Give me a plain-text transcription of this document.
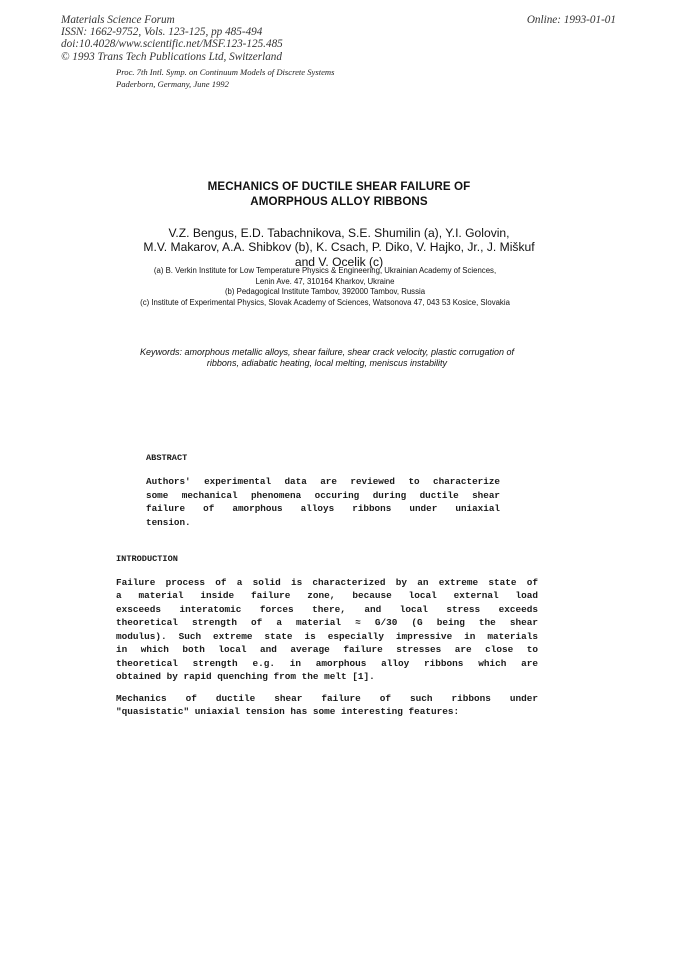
Materials Science Forum
ISSN: 1662-9752, Vols. 123-125, pp 485-494
doi:10.4028/www.scientific.net/MSF.123-125.485
© 1993 Trans Tech Publications Ltd, Switzerland
Online: 1993-01-01
Proc. 7th Intl. Symp. on Continuum Models of Discrete Systems
Paderborn, Germany, June 1992
MECHANICS OF DUCTILE SHEAR FAILURE OF
AMORPHOUS ALLOY RIBBONS
V.Z. Bengus, E.D. Tabachnikova, S.E. Shumilin (a), Y.I. Golovin,
M.V. Makarov, A.A. Shibkov (b), K. Csach, P. Diko, V. Hajko, Jr., J. Miškuf
and V. Ocelik (c)
(a) B. Verkin Institute for Low Temperature Physics & Engineering, Ukrainian Academy of Sciences,
Lenin Ave. 47, 310164 Kharkov, Ukraine
(b) Pedagogical Institute Tambov, 392000 Tambov, Russia
(c) Institute of Experimental Physics, Slovak Academy of Sciences, Watsonova 47, 043 53 Kosice, Slovakia
Keywords: amorphous metallic alloys, shear failure, shear crack velocity, plastic corrugation of
ribbons, adiabatic heating, local melting, meniscus instability
ABSTRACT
Authors' experimental data are reviewed to characterize
some mechanical phenomena occuring during ductile shear
failure of amorphous alloys ribbons under uniaxial
tension.
INTRODUCTION
Failure process of a solid is characterized by an extreme state of
a material inside failure zone, because local external load
exsceeds interatomic forces there, and local stress exceeds
theoretical strength of a material ≈ G/30 (G being the shear
modulus). Such extreme state is especially impressive in materials
in which both local and average failure stresses are close to
theoretical strength e.g. in amorphous alloy ribbons which are
obtained by rapid quenching from the melt [1].
Mechanics of ductile shear failure of such ribbons under
"quasistatic" uniaxial tension has some interesting features:
